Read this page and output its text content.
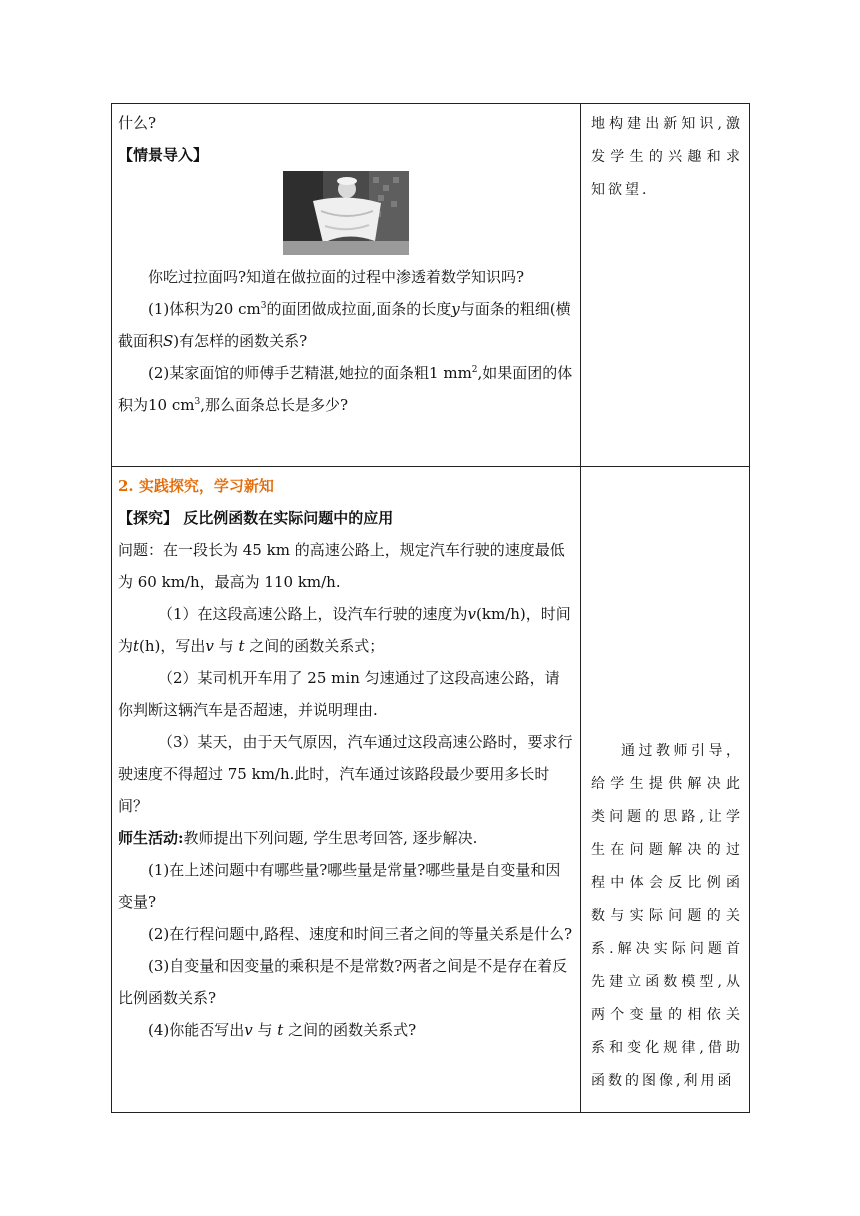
什么?

【情景导入】

你吃过拉面吗?知道在做拉面的过程中渗透着数学知识吗?

(1)体积为20 $cm^3$的面团做成拉面,面条的长度y与面条的粗细(横截面积S)有怎样的函数关系?

(2)某家面馆的师傅手艺精湛,她拉的面条粗1 $mm^2$,如果面团的体积为10 $cm^3$,那么面条总长是多少?

地构建出新知识,激发学生的兴趣和求知欲望.

2. 实践探究，学习新知

【探究】 反比例函数在实际问题中的应用

问题：在一段长为 45 km 的高速公路上，规定汽车行驶的速度最低为 60 km/h，最高为 110 km/h.

（1）在这段高速公路上，设汽车行驶的速度为v(km/h)，时间为t(h)，写出v 与 t 之间的函数关系式；

（2）某司机开车用了 25 min 匀速通过了这段高速公路，请你判断这辆汽车是否超速，并说明理由.

（3）某天，由于天气原因，汽车通过这段高速公路时，要求行驶速度不得超过 75 km/h.此时，汽车通过该路段最少要用多长时间？

师生活动:教师提出下列问题, 学生思考回答, 逐步解决.

(1)在上述问题中有哪些量?哪些量是常量?哪些量是自变量和因变量?

(2)在行程问题中,路程、速度和时间三者之间的等量关系是什么?

(3)自变量和因变量的乘积是不是常数?两者之间是不是存在着反比例函数关系?

(4)你能否写出v 与 t 之间的函数关系式?

通过教师引导，给学生提供解决此类问题的思路,让学生在问题解决的过程中体会反比例函数与实际问题的关系.解决实际问题首先建立函数模型,从两个变量的相依关系和变化规律,借助函数的图像,利用函
